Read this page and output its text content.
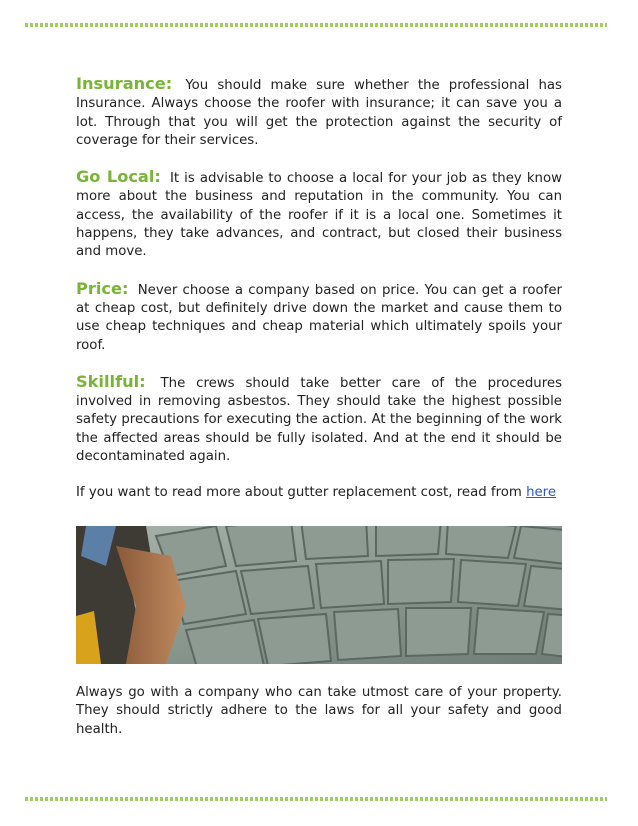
Insurance: You should make sure whether the professional has Insurance. Always choose the roofer with insurance; it can save you a lot. Through that you will get the protection against the security of coverage for their services.

Go Local: It is advisable to choose a local for your job as they know more about the business and reputation in the community. You can access, the availability of the roofer if it is a local one. Sometimes it happens, they take advances, and contract, but closed their business and move.

Price: Never choose a company based on price. You can get a roofer at cheap cost, but definitely drive down the market and cause them to use cheap techniques and cheap material which ultimately spoils your roof.

Skillful: The crews should take better care of the procedures involved in removing asbestos. They should take the highest possible safety precautions for executing the action. At the beginning of the work the affected areas should be fully isolated. And at the end it should be decontaminated again.

If you want to read more about gutter replacement cost, read from here

Always go with a company who can take utmost care of your property. They should strictly adhere to the laws for all your safety and good health.
